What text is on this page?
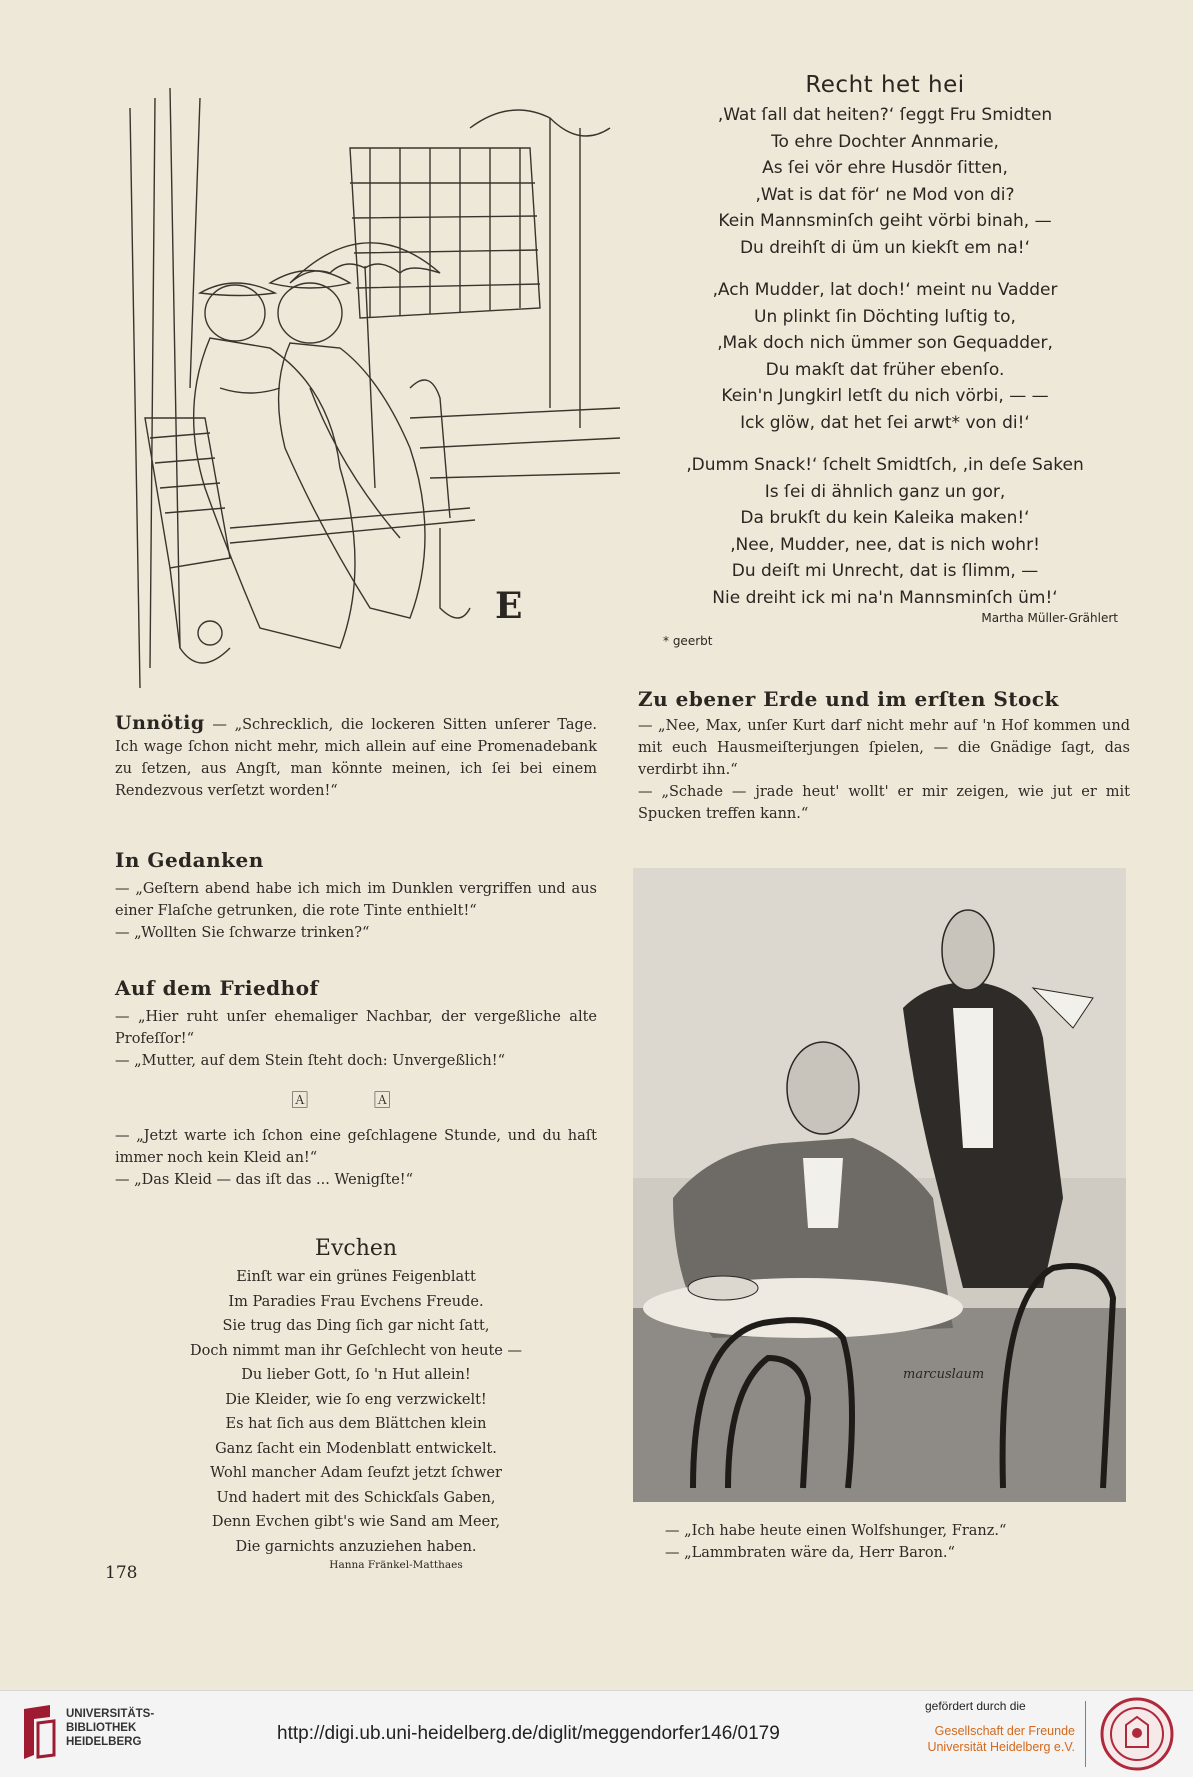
E
Recht het hei
‚Wat ſall dat heiten?‘ ſeggt Fru Smidten
To ehre Dochter Annmarie,
As ſei vör ehre Husdör ſitten,
‚Wat is dat för‘ ne Mod von di?
Kein Mannsminſch geiht vörbi binah, —
Du dreihſt di üm un kiekſt em na!‘
‚Ach Mudder, lat doch!‘ meint nu Vadder
Un plinkt ſin Döchting luſtig to,
‚Mak doch nich ümmer son Gequadder,
Du makſt dat früher ebenſo.
Kein'n Jungkirl letſt du nich vörbi, — —
Ick glöw, dat het ſei arwt* von di!‘
‚Dumm Snack!‘ ſchelt Smidtſch, ‚in deſe Saken
Is ſei di ähnlich ganz un gor,
Da brukſt du kein Kaleika maken!‘
‚Nee, Mudder, nee, dat is nich wohr!
Du deiſt mi Unrecht, dat is ſlimm, —
Nie dreiht ick mi na'n Mannsminſch üm!‘
Martha Müller-Grählert
* geerbt
Unnötig — „Schrecklich, die lockeren Sitten unſerer Tage. Ich wage ſchon nicht mehr, mich allein auf eine Promenadebank zu ſetzen, aus Angſt, man könnte meinen, ich ſei bei einem Rendezvous verſetzt worden!“
Zu ebener Erde und im erſten Stock
— „Nee, Max, unſer Kurt darf nicht mehr auf 'n Hof kommen und mit euch Hausmeiſterjungen ſpielen, — die Gnädige ſagt, das verdirbt ihn.“
— „Schade — jrade heut' wollt' er mir zeigen, wie jut er mit Spucken treffen kann.“
In Gedanken
— „Geſtern abend habe ich mich im Dunklen vergriffen und aus einer Flaſche getrunken, die rote Tinte enthielt!“
— „Wollten Sie ſchwarze trinken?“
Auf dem Friedhof
— „Hier ruht unſer ehemaliger Nachbar, der vergeßliche alte Profeſſor!“
— „Mutter, auf dem Stein ſteht doch: Unvergeßlich!“
🄰 🄰
— „Jetzt warte ich ſchon eine geſchlagene Stunde, und du haſt immer noch kein Kleid an!“
— „Das Kleid — das iſt das ... Wenigſte!“
Evchen
Einſt war ein grünes Feigenblatt
Im Paradies Frau Evchens Freude.
Sie trug das Ding ſich gar nicht ſatt,
Doch nimmt man ihr Geſchlecht von heute —
Du lieber Gott, ſo 'n Hut allein!
Die Kleider, wie ſo eng verzwickelt!
Es hat ſich aus dem Blättchen klein
Ganz ſacht ein Modenblatt entwickelt.
Wohl mancher Adam ſeufzt jetzt ſchwer
Und hadert mit des Schickſals Gaben,
Denn Evchen gibt's wie Sand am Meer,
Die garnichts anzuziehen haben.
Hanna Fränkel-Matthaes
178
marcuslaum
— „Ich habe heute einen Wolfshunger, Franz.“
— „Lammbraten wäre da, Herr Baron.“
UNIVERSITÄTS-
BIBLIOTHEK
HEIDELBERG	http://digi.ub.uni-heidelberg.de/diglit/meggendorfer146/0179
gefördert durch die
Gesellschaft der Freunde
Universität Heidelberg e.V.
